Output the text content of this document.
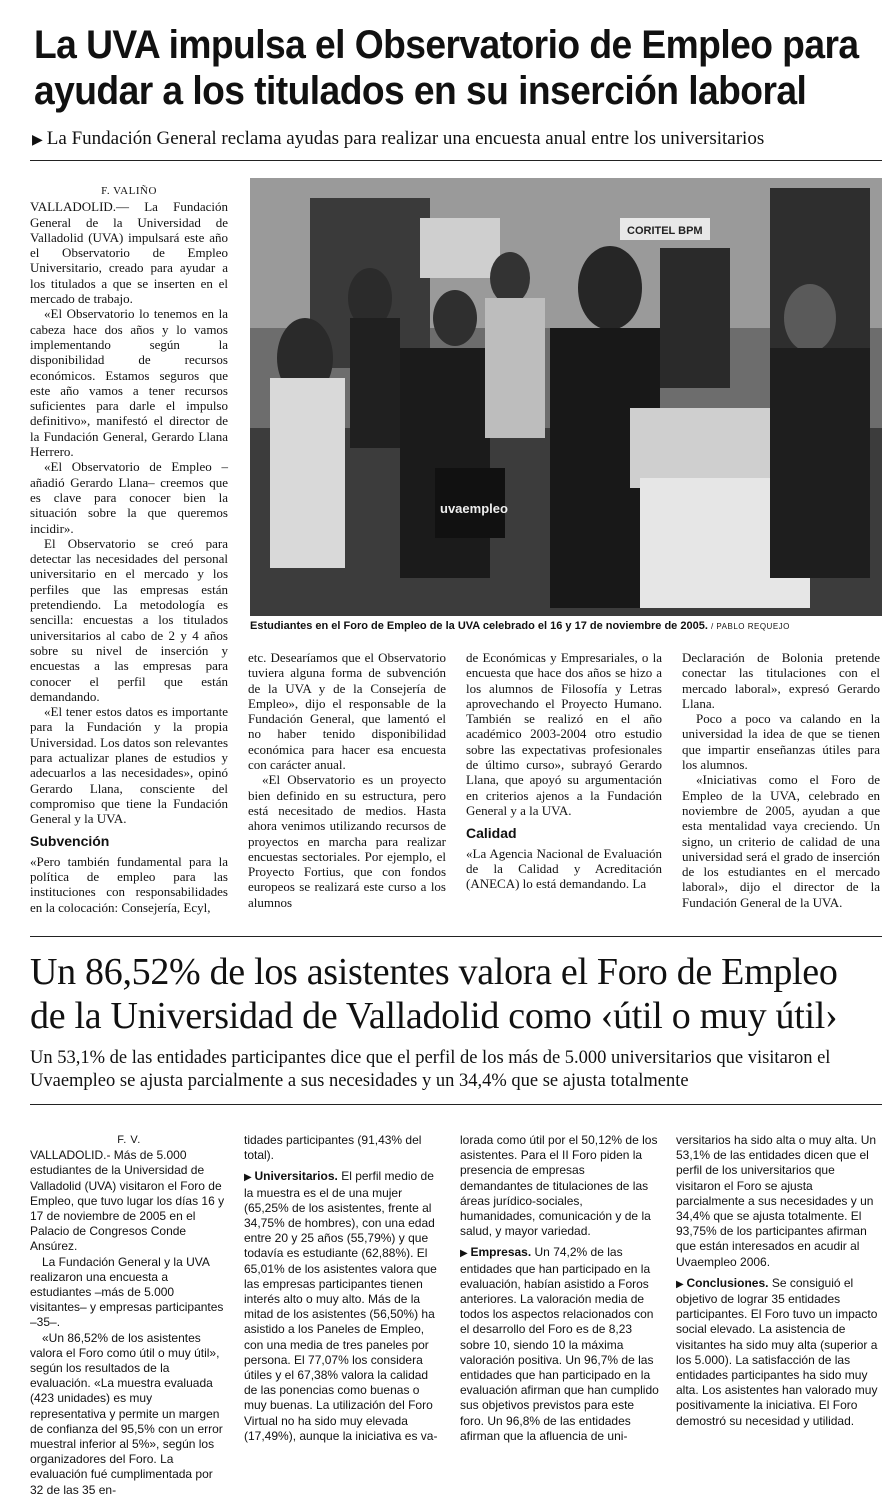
La UVA impulsa el Observatorio de Empleo para
ayudar a los titulados en su inserción laboral
▶ La Fundación General reclama ayudas para realizar una encuesta anual entre los universitarios
F. VALIÑO

VALLADOLID.— La Fundación General de la Universidad de Valladolid (UVA) impulsará este año el Observatorio de Empleo Universitario, creado para ayudar a los titulados a que se inserten en el mercado de trabajo.

«El Observatorio lo tenemos en la cabeza hace dos años y lo vamos implementando según la disponibilidad de recursos económicos. Estamos seguros que este año vamos a tener recursos suficientes para darle el impulso definitivo», manifestó el director de la Fundación General, Gerardo Llana Herrero.

«El Observatorio de Empleo –añadió Gerardo Llana– creemos que es clave para conocer bien la situación sobre la que queremos incidir».

El Observatorio se creó para detectar las necesidades del personal universitario en el mercado y los perfiles que las empresas están pretendiendo. La metodología es sencilla: encuestas a los titulados universitarios al cabo de 2 y 4 años sobre su nivel de inserción y encuestas a las empresas para conocer el perfil que están demandando.

«El tener estos datos es importante para la Fundación y la propia Universidad. Los datos son relevantes para actualizar planes de estudios y adecuarlos a las necesidades», opinó Gerardo Llana, consciente del compromiso que tiene la Fundación General y la UVA.

Subvención

«Pero también fundamental para la política de empleo para las instituciones con responsabilidades en la colocación: Consejería, Ecyl,

CORITEL BPM
uvaempleo
Estudiantes en el Foro de Empleo de la UVA celebrado el 16 y 17 de noviembre de 2005. / PABLO REQUEJO

etc. Desearíamos que el Observatorio tuviera alguna forma de subvención de la UVA y de la Consejería de Empleo», dijo el responsable de la Fundación General, que lamentó el no haber tenido disponibilidad económica para hacer esa encuesta con carácter anual.

«El Observatorio es un proyecto bien definido en su estructura, pero está necesitado de medios. Hasta ahora venimos utilizando recursos de proyectos en marcha para realizar encuestas sectoriales. Por ejemplo, el Proyecto Fortius, que con fondos europeos se realizará este curso a los alumnos

de Económicas y Empresariales, o la encuesta que hace dos años se hizo a los alumnos de Filosofía y Letras aprovechando el Proyecto Humano. También se realizó en el año académico 2003-2004 otro estudio sobre las expectativas profesionales de último curso», subrayó Gerardo Llana, que apoyó su argumentación en criterios ajenos a la Fundación General y a la UVA.

Calidad

«La Agencia Nacional de Evaluación de la Calidad y Acreditación (ANECA) lo está demandando. La

Declaración de Bolonia pretende conectar las titulaciones con el mercado laboral», expresó Gerardo Llana.

Poco a poco va calando en la universidad la idea de que se tienen que impartir enseñanzas útiles para los alumnos.

«Iniciativas como el Foro de Empleo de la UVA, celebrado en noviembre de 2005, ayudan a que esta mentalidad vaya creciendo. Un signo, un criterio de calidad de una universidad será el grado de inserción de los estudiantes en el mercado laboral», dijo el director de la Fundación General de la UVA.

Un 86,52% de los asistentes valora el Foro de Empleo
de la Universidad de Valladolid como ‹útil o muy útil›
Un 53,1% de las entidades participantes dice que el perfil de los más de 5.000 universitarios que visitaron el Uvaempleo se ajusta parcialmente a sus necesidades y un 34,4% que se ajusta totalmente
F. V.

VALLADOLID.- Más de 5.000 estudiantes de la Universidad de Valladolid (UVA) visitaron el Foro de Empleo, que tuvo lugar los días 16 y 17 de noviembre de 2005 en el Palacio de Congresos Conde Ansúrez.

La Fundación General y la UVA realizaron una encuesta a estudiantes –más de 5.000 visitantes– y empresas participantes –35–.

«Un 86,52% de los asistentes valora el Foro como útil o muy útil», según los resultados de la evaluación. «La muestra evaluada (423 unidades) es muy representativa y permite un margen de confianza del 95,5% con un error muestral inferior al 5%», según los organizadores del Foro. La evaluación fué cumplimentada por 32 de las 35 en-

tidades participantes (91,43% del total).

▶ Universitarios. El perfil medio de la muestra es el de una mujer (65,25% de los asistentes, frente al 34,75% de hombres), con una edad entre 20 y 25 años (55,79%) y que todavía es estudiante (62,88%). El 65,01% de los asistentes valora que las empresas participantes tienen interés alto o muy alto. Más de la mitad de los asistentes (56,50%) ha asistido a los Paneles de Empleo, con una media de tres paneles por persona. El 77,07% los considera útiles y el 67,38% valora la calidad de las ponencias como buenas o muy buenas. La utilización del Foro Virtual no ha sido muy elevada (17,49%), aunque la iniciativa es va-

lorada como útil por el 50,12% de los asistentes. Para el II Foro piden la presencia de empresas demandantes de titulaciones de las áreas jurídico-sociales, humanidades, comunicación y de la salud, y mayor variedad.

▶ Empresas. Un 74,2% de las entidades que han participado en la evaluación, habían asistido a Foros anteriores. La valoración media de todos los aspectos relacionados con el desarrollo del Foro es de 8,23 sobre 10, siendo 10 la máxima valoración positiva. Un 96,7% de las entidades que han participado en la evaluación afirman que han cumplido sus objetivos previstos para este foro. Un 96,8% de las entidades afirman que la afluencia de uni-

versitarios ha sido alta o muy alta. Un 53,1% de las entidades dicen que el perfil de los universitarios que visitaron el Foro se ajusta parcialmente a sus necesidades y un 34,4% que se ajusta totalmente. El 93,75% de los participantes afirman que están interesados en acudir al Uvaempleo 2006.

▶ Conclusiones. Se consiguió el objetivo de lograr 35 entidades participantes. El Foro tuvo un impacto social elevado. La asistencia de visitantes ha sido muy alta (superior a los 5.000). La satisfacción de las entidades participantes ha sido muy alta. Los asistentes han valorado muy positivamente la iniciativa. El Foro demostró su necesidad y utilidad.
